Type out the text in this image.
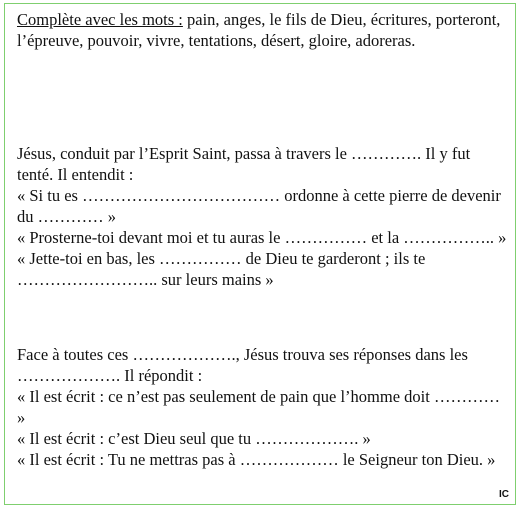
Complète avec les mots : pain, anges, le fils de Dieu, écritures, porteront, l’épreuve, pouvoir, vivre, tentations, désert, gloire, adoreras.

Jésus, conduit par l’Esprit Saint, passa à travers le …………. Il y fut tenté. Il entendit :

« Si tu es ……………………………… ordonne à cette pierre de devenir du ………… »

« Prosterne-toi devant moi et tu auras le …………… et la …………….. »

« Jette-toi en bas, les …………… de Dieu te garderont ; ils te …………………….. sur leurs mains »

Face à toutes ces ………………., Jésus trouva ses réponses dans les ………………. Il répondit :

« Il est écrit : ce n’est pas seulement de pain que l’homme doit ………… »

« Il est écrit : c’est Dieu seul que tu ………………. »

« Il est écrit : Tu ne mettras pas à ……………… le Seigneur ton Dieu. »

IC
